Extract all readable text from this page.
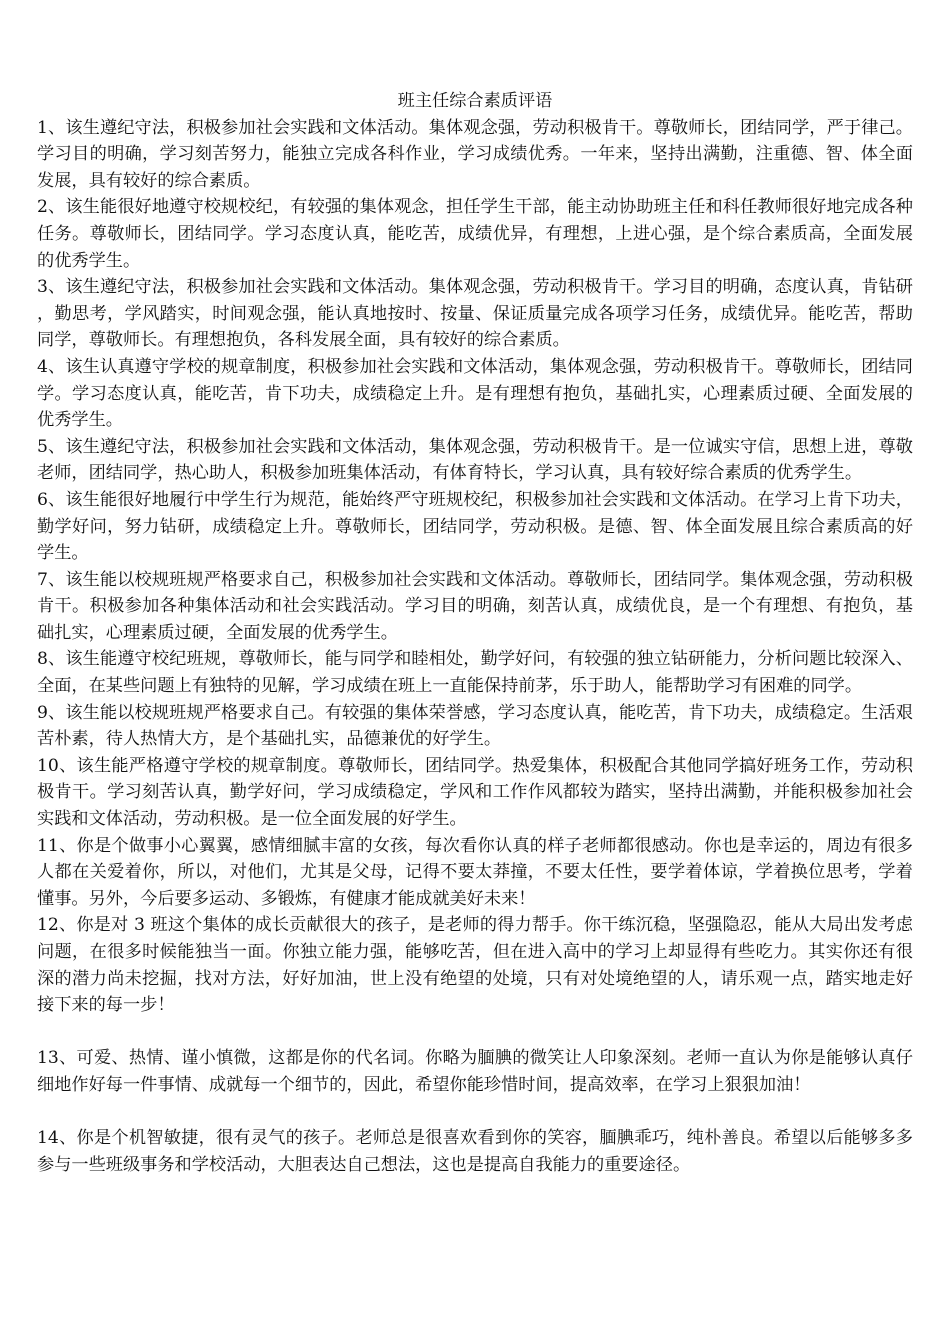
班主任综合素质评语

1、该生遵纪守法，积极参加社会实践和文体活动。集体观念强，劳动积极肯干。尊敬师长，团结同学，严于律己。学习目的明确，学习刻苦努力，能独立完成各科作业，学习成绩优秀。一年来，坚持出满勤，注重德、智、体全面发展，具有较好的综合素质。

2、该生能很好地遵守校规校纪，有较强的集体观念，担任学生干部，能主动协助班主任和科任教师很好地完成各种任务。尊敬师长，团结同学。学习态度认真，能吃苦，成绩优异，有理想，上进心强，是个综合素质高，全面发展的优秀学生。

3、该生遵纪守法，积极参加社会实践和文体活动。集体观念强，劳动积极肯干。学习目的明确，态度认真，肯钻研，勤思考，学风踏实，时间观念强，能认真地按时、按量、保证质量完成各项学习任务，成绩优异。能吃苦，帮助同学，尊敬师长。有理想抱负，各科发展全面，具有较好的综合素质。

4、该生认真遵守学校的规章制度，积极参加社会实践和文体活动，集体观念强，劳动积极肯干。尊敬师长，团结同学。学习态度认真，能吃苦，肯下功夫，成绩稳定上升。是有理想有抱负，基础扎实，心理素质过硬、全面发展的优秀学生。

5、该生遵纪守法，积极参加社会实践和文体活动，集体观念强，劳动积极肯干。是一位诚实守信，思想上进，尊敬老师，团结同学，热心助人，积极参加班集体活动，有体育特长，学习认真，具有较好综合素质的优秀学生。

6、该生能很好地履行中学生行为规范，能始终严守班规校纪，积极参加社会实践和文体活动。在学习上肯下功夫，勤学好问，努力钻研，成绩稳定上升。尊敬师长，团结同学，劳动积极。是德、智、体全面发展且综合素质高的好学生。

7、该生能以校规班规严格要求自己，积极参加社会实践和文体活动。尊敬师长，团结同学。集体观念强，劳动积极肯干。积极参加各种集体活动和社会实践活动。学习目的明确，刻苦认真，成绩优良，是一个有理想、有抱负，基础扎实，心理素质过硬，全面发展的优秀学生。

8、该生能遵守校纪班规，尊敬师长，能与同学和睦相处，勤学好问，有较强的独立钻研能力，分析问题比较深入、全面，在某些问题上有独特的见解，学习成绩在班上一直能保持前茅，乐于助人，能帮助学习有困难的同学。

9、该生能以校规班规严格要求自己。有较强的集体荣誉感，学习态度认真，能吃苦，肯下功夫，成绩稳定。生活艰苦朴素，待人热情大方，是个基础扎实，品德兼优的好学生。

10、该生能严格遵守学校的规章制度。尊敬师长，团结同学。热爱集体，积极配合其他同学搞好班务工作，劳动积极肯干。学习刻苦认真，勤学好问，学习成绩稳定，学风和工作作风都较为踏实，坚持出满勤，并能积极参加社会实践和文体活动，劳动积极。是一位全面发展的好学生。

11、你是个做事小心翼翼，感情细腻丰富的女孩，每次看你认真的样子老师都很感动。你也是幸运的，周边有很多人都在关爱着你，所以，对他们，尤其是父母，记得不要太莽撞，不要太任性，要学着体谅，学着换位思考，学着懂事。另外，今后要多运动、多锻炼，有健康才能成就美好未来！

12、你是对 3 班这个集体的成长贡献很大的孩子，是老师的得力帮手。你干练沉稳，坚强隐忍，能从大局出发考虑问题，在很多时候能独当一面。你独立能力强，能够吃苦，但在进入高中的学习上却显得有些吃力。其实你还有很深的潜力尚未挖掘，找对方法，好好加油，世上没有绝望的处境，只有对处境绝望的人，请乐观一点，踏实地走好接下来的每一步！

13、可爱、热情、谨小慎微，这都是你的代名词。你略为腼腆的微笑让人印象深刻。老师一直认为你是能够认真仔细地作好每一件事情、成就每一个细节的，因此，希望你能珍惜时间，提高效率，在学习上狠狠加油！

14、你是个机智敏捷，很有灵气的孩子。老师总是很喜欢看到你的笑容，腼腆乖巧，纯朴善良。希望以后能够多多参与一些班级事务和学校活动，大胆表达自己想法，这也是提高自我能力的重要途径。
